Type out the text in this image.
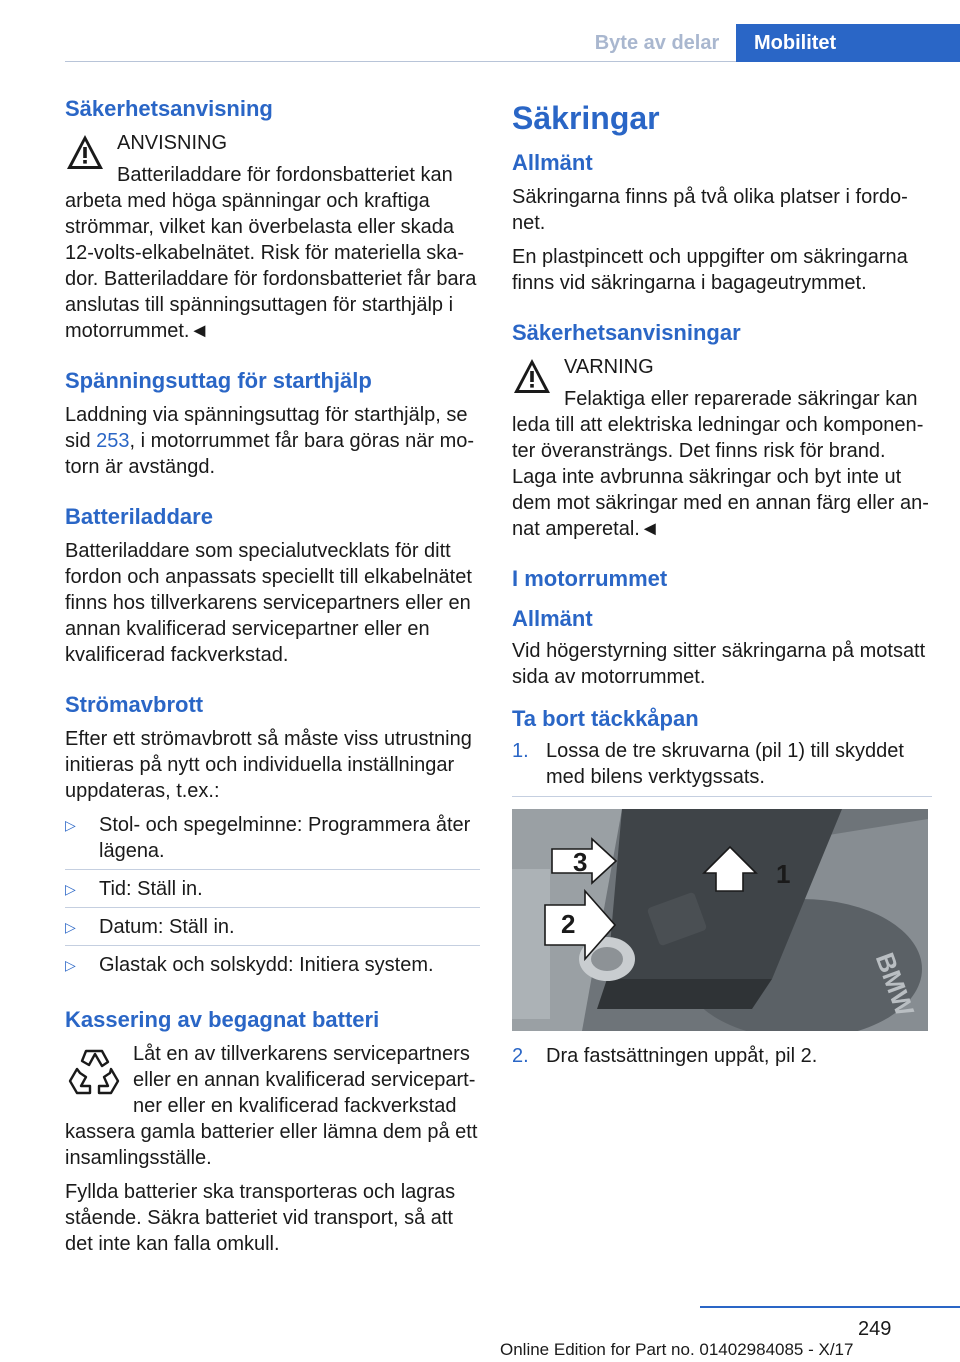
Byte av delar	Mobilitet
Säkerhetsanvisning

ANVISNING

Batteriladdare för fordonsbatteriet kan arbeta med höga spänningar och kraftiga strömmar, vilket kan överbelasta eller skada 12‑volts‑elkabelnätet. Risk för materiella skador. Batteriladdare för fordonsbatteriet får bara anslutas till spänningsuttagen för starthjälp i motorrummet.◄

Spänningsuttag för starthjälp

Laddning via spänningsuttag för starthjälp, se sid 253, i motorrummet får bara göras när motorn är avstängd.

Batteriladdare

Batteriladdare som specialutvecklats för ditt fordon och anpassats speciellt till elkabelnätet finns hos tillverkarens servicepartners eller en annan kvalificerad servicepartner eller en kvalificerad fackverkstad.

Strömavbrott

Efter ett strömavbrott så måste viss utrustning initieras på nytt och individuella inställningar uppdateras, t.ex.:

▷ Stol- och spegelminne: Programmera åter lägena.
▷ Tid: Ställ in.
▷ Datum: Ställ in.
▷ Glastak och solskydd: Initiera system.
Kassering av begagnat batteri

Låt en av tillverkarens servicepartners eller en annan kvalificerad servicepartner eller en kvalificerad fackverkstad kassera gamla batterier eller lämna dem på ett insamlingsställe.

Fyllda batterier ska transporteras och lagras stående. Säkra batteriet vid transport, så att det inte kan falla omkull.

Säkringar
Allmänt

Säkringarna finns på två olika platser i fordonet.

En plastpincett och uppgifter om säkringarna finns vid säkringarna i bagageutrymmet.

Säkerhetsanvisningar

VARNING

Felaktiga eller reparerade säkringar kan leda till att elektriska ledningar och komponenter överansträngs. Det finns risk för brand. Laga inte avbrunna säkringar och byt inte ut dem mot säkringar med en annan färg eller annat amperetal.◄

I motorrummet
Allmänt

Vid högerstyrning sitter säkringarna på motsatt sida av motorrummet.

Ta bort täckkåpan
1. Lossa de tre skruvarna (pil 1) till skyddet med bilens verktygssats.
1
2
3
BMW
2. Dra fastsättningen uppåt, pil 2.
249
Online Edition for Part no. 01402984085 - X/17
